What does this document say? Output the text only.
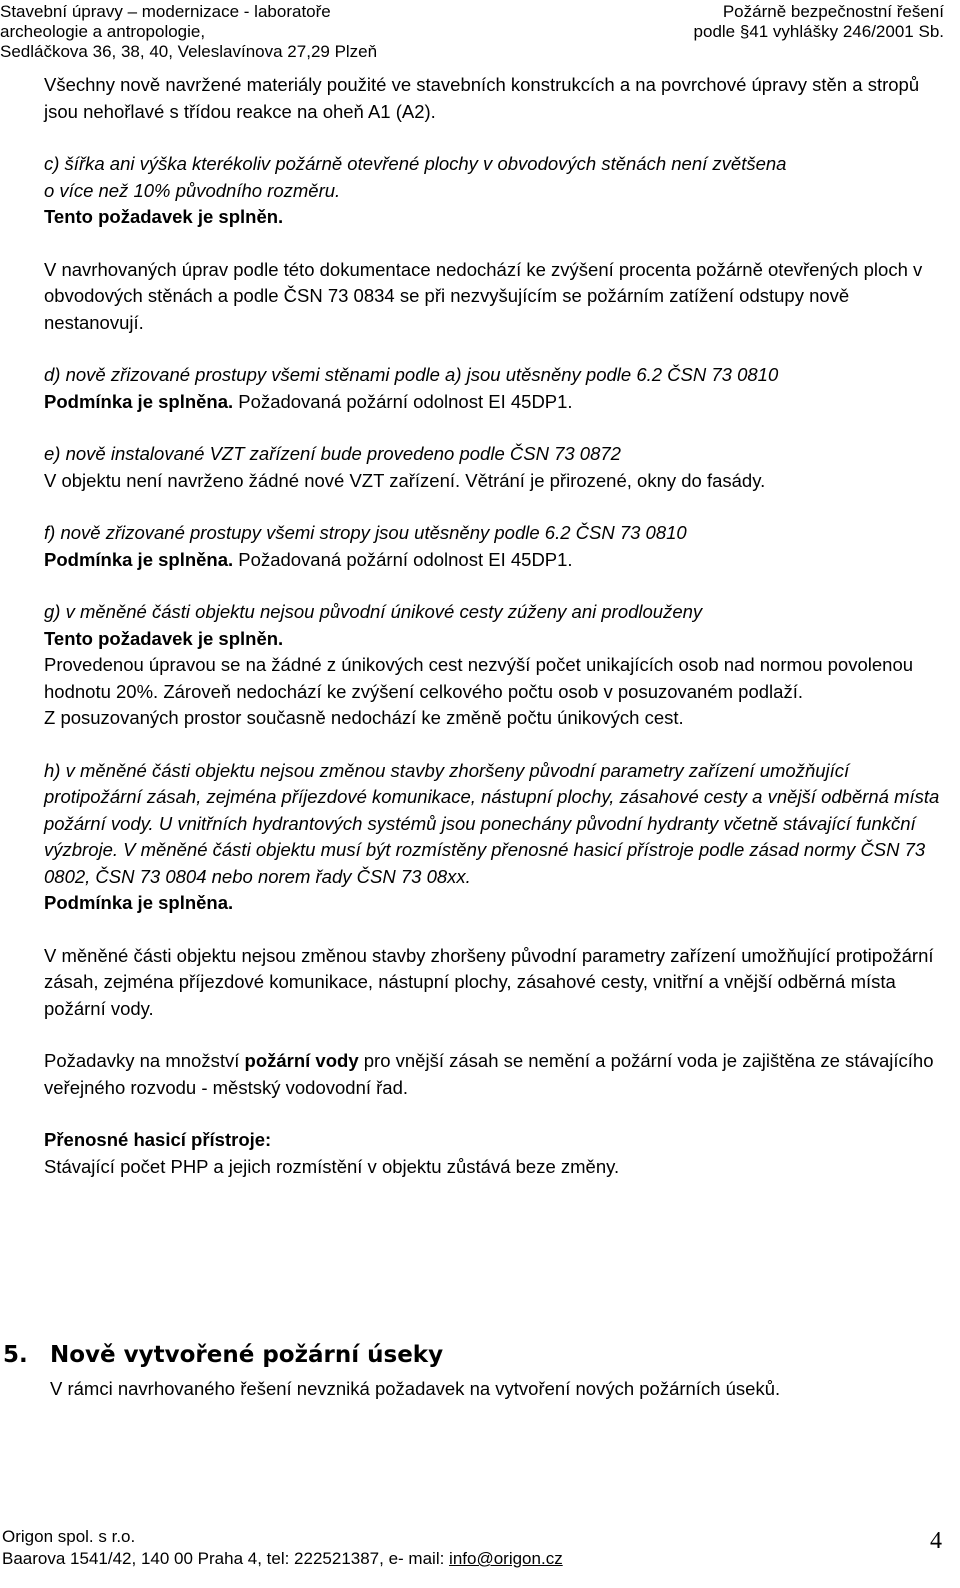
Stavební úpravy – modernizace - laboratoře
archeologie a antropologie,
Sedláčkova 36, 38, 40, Veleslavínova 27,29 Plzeň
Požárně bezpečnostní řešení
podle §41 vyhlášky 246/2001 Sb.

Všechny nově navržené materiály použité ve stavebních konstrukcích a na povrchové úpravy stěn a stropů jsou nehořlavé s třídou reakce na oheň A1 (A2).

c) šířka ani výška kterékoliv požárně otevřené plochy v obvodových stěnách není zvětšena

o více než 10% původního rozměru.

Tento požadavek je splněn.

V navrhovaných úprav podle této dokumentace nedochází ke zvýšení procenta požárně otevřených ploch v obvodových stěnách a podle ČSN 73 0834 se při nezvyšujícím se požárním zatížení odstupy nově nestanovují.

d) nově zřizované prostupy všemi stěnami podle a) jsou utěsněny podle 6.2 ČSN 73 0810

Podmínka je splněna. Požadovaná požární odolnost EI 45DP1.

e) nově instalované VZT zařízení bude provedeno podle ČSN 73 0872

V objektu není navrženo žádné nové VZT zařízení. Větrání je přirozené, okny do fasády.

f) nově zřizované prostupy všemi stropy jsou utěsněny podle 6.2 ČSN 73 0810

Podmínka je splněna. Požadovaná požární odolnost EI 45DP1.

g) v měněné části objektu nejsou původní únikové cesty zúženy ani prodlouženy

Tento požadavek je splněn.

Provedenou úpravou se na žádné z únikových cest nezvýší počet unikajících osob nad normou povolenou hodnotu 20%. Zároveň nedochází ke zvýšení celkového počtu osob v posuzovaném podlaží.

Z posuzovaných prostor současně nedochází ke změně počtu únikových cest.

h) v měněné části objektu nejsou změnou stavby zhoršeny původní parametry zařízení umožňující protipožární zásah, zejména příjezdové komunikace, nástupní plochy, zásahové cesty a vnější odběrná místa požární vody. U vnitřních hydrantových systémů jsou ponechány původní hydranty včetně stávající funkční výzbroje. V měněné části objektu musí být rozmístěny přenosné hasicí přístroje podle zásad normy ČSN 73 0802, ČSN 73 0804 nebo norem řady ČSN 73 08xx.

Podmínka je splněna.

V měněné části objektu nejsou změnou stavby zhoršeny původní parametry zařízení umožňující protipožární zásah, zejména příjezdové komunikace, nástupní plochy, zásahové cesty, vnitřní a vnější odběrná místa požární vody.

Požadavky na množství požární vody pro vnější zásah se nemění a požární voda je zajištěna ze stávajícího veřejného rozvodu - městský vodovodní řad.

Přenosné hasicí přístroje:

Stávající počet PHP a jejich rozmístění v objektu zůstává beze změny.

5. Nově vytvořené požární úseky
V rámci navrhovaného řešení nevzniká požadavek na vytvoření nových požárních úseků.
Origon spol. s r.o.
Baarova 1541/42, 140 00 Praha 4, tel: 222521387, e- mail: info@origon.cz
4
